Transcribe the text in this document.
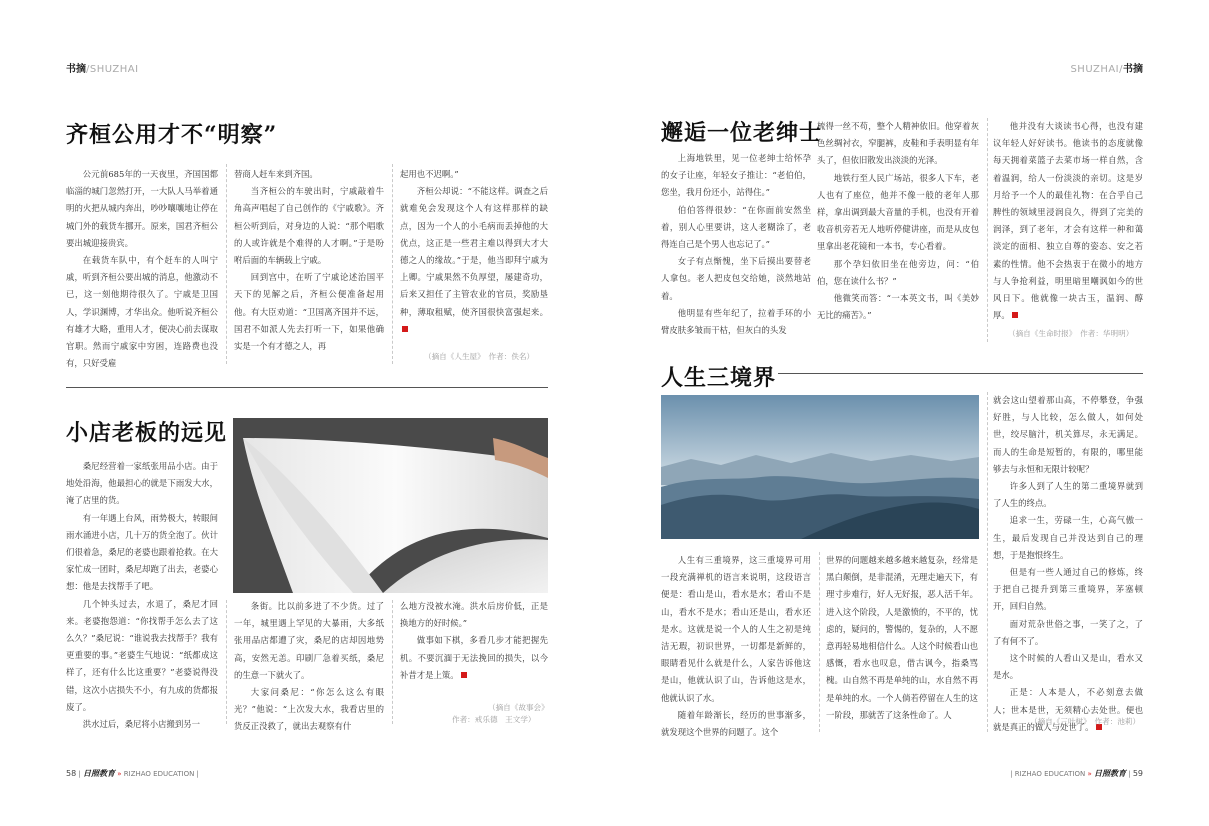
书摘/SHUZHAI	SHUZHAI/书摘
齐桓公用才不“明察”

公元前685年的一天夜里，齐国国都临淄的城门忽然打开，一大队人马举着通明的火把从城内奔出，吵吵嚷嚷地让停在城门外的载货车挪开。原来，国君齐桓公要出城迎接贵宾。

在载货车队中，有个赶车的人叫宁戚，听到齐桓公要出城的消息，他激动不已，这一刻他期待很久了。宁戚是卫国人，学识渊博，才华出众。他听说齐桓公有雄才大略，重用人才，便决心前去谋取官职。然而宁戚家中穷困，连路费也没有，只好受雇

替商人赶车来到齐国。

当齐桓公的车驶出时，宁戚敲着牛角高声唱起了自己创作的《宁戚歌》。齐桓公听到后，对身边的人说：“那个唱歌的人或许就是个难得的人才啊。”于是吩咐后面的车辆载上宁戚。

回到宫中，在听了宁戚论述治国平天下的见解之后，齐桓公便准备起用他。有大臣劝道：“卫国离齐国并不远，国君不如派人先去打听一下，如果他确实是一个有才德之人，再

起用也不迟啊。”

齐桓公却说：“不能这样。调查之后就难免会发现这个人有这样那样的缺点，因为一个人的小毛病而丢掉他的大优点，这正是一些君主难以得到大才大德之人的缘故。”于是，他当即拜宁戚为上卿。宁戚果然不负厚望，屡建奇功，后来又担任了主管农业的官员，奖励垦种，薄取租赋，使齐国很快富强起来。

（摘自《人生屋》　作者：佚名）
小店老板的远见

桑尼经营着一家纸张用品小店。由于地处沿海，他最担心的就是下雨发大水，淹了店里的货。

有一年遇上台风，雨势极大，转眼间雨水涌进小店，几十万的货全泡了。伙计们很着急，桑尼的老婆也跟着抢救。在大家忙成一团时，桑尼却跑了出去，老婆心想：他是去找帮手了吧。

几个钟头过去，水退了，桑尼才回来。老婆抱怨道：“你找帮手怎么去了这么久？”桑尼说：“谁说我去找帮手？我有更重要的事。”老婆生气地说：“纸都成这样了，还有什么比这重要？”老婆说得没错，这次小店损失不小，有九成的货都报废了。

洪水过后，桑尼将小店搬到另一

条街。比以前多进了不少货。过了一年，城里遇上罕见的大暴雨，大多纸张用品店都遭了灾，桑尼的店却因地势高，安然无恙。印刷厂急着买纸，桑尼的生意一下就火了。

大家问桑尼：“你怎么这么有眼光？”他说：“上次发大水，我看店里的货反正没救了，就出去观察有什

么地方没被水淹。洪水后房价低，正是换地方的好时候。”

做事如下棋，多看几步才能把握先机。不要沉湎于无法挽回的损失，以今补昔才是上策。

（摘自《故事会》
作者：戒乐德　王文学）
邂逅一位老绅士

上海地铁里，见一位老绅士给怀孕的女子让座，年轻女子推让：“老伯伯，您坐，我月份还小，站得住。”

伯伯答得很妙：“在你面前安然坐着，别人心里要讲，这人老糊涂了，老得连自己是个男人也忘记了。”

女子有点惭愧，坐下后摸出要替老人拿包。老人把皮包交给她，淡然地站着。

他明显有些年纪了，拉着手环的小臂皮肤多皱而干枯，但灰白的头发

梳得一丝不苟，整个人精神依旧。他穿着灰色丝绸衬衣，窄腿裤，皮鞋和手表明显有年头了，但依旧散发出淡淡的光泽。

地铁行至人民广场站，很多人下车，老人也有了座位，他并不像一般的老年人那样，拿出调到最大音量的手机，也没有开着收音机旁若无人地听停健讲座，而是从皮包里拿出老花镜和一本书，专心看着。

那个孕妇依旧坐在他旁边，问：“伯伯，您在读什么书？”

他微笑而答：“一本英文书，叫《美妙无比的痛苦》。”

他并没有大谈读书心得，也没有建议年轻人好好读书。他读书的态度就像每天拥着菜篮子去菜市场一样自然，含着温润，给人一份淡淡的亲切。这是岁月给予一个人的最佳礼物：在合乎自己脾性的领域里浸润良久，得到了完美的润泽，到了老年，才会有这样一种和蔼淡定的面相、独立自尊的姿态、安之若素的性情。他不会热衷于在微小的地方与人争抢利益，明里暗里嘲讽如今的世风日下。他就像一块古玉，温润、醇厚。

（摘自《生命时报》　作者：华明明）
人生三境界

人生有三重境界，这三重境界可用一段充满禅机的语言来说明，这段语言便是：看山是山，看水是水；看山不是山，看水不是水；看山还是山，看水还是水。这就是说一个人的人生之初是纯洁无瑕，初识世界，一切都是新鲜的，眼睛看见什么就是什么，人家告诉他这是山，他就认识了山，告诉他这是水，他就认识了水。

随着年龄渐长，经历的世事渐多，就发现这个世界的问题了。这个

世界的问题越来越多越来越复杂，经常是黑白颠倒，是非混淆，无理走遍天下，有理寸步难行，好人无好报，恶人活千年。进入这个阶段，人是激愤的，不平的，忧虑的，疑问的，警惕的，复杂的，人不愿意再轻易地相信什么。人这个时候看山也感慨，看水也叹息，借古讽今，指桑骂槐。山自然不再是单纯的山，水自然不再是单纯的水。一个人倘若停留在人生的这一阶段，那就苦了这条性命了。人

就会这山望着那山高，不停攀登，争强好胜，与人比较，怎么做人，如何处世，绞尽脑汁，机关算尽，永无满足。而人的生命是短暂的，有限的，哪里能够去与永恒和无限计较呢？

许多人到了人生的第二重境界就到了人生的终点。

追求一生，劳碌一生，心高气傲一生，最后发现自己并没达到自己的理想，于是抱恨终生。

但是有一些人通过自己的修炼，终于把自己提升到第三重境界，茅塞顿开，回归自然。

面对荒杂世俗之事，一笑了之，了了有何不了。

这个时候的人看山又是山，看水又是水。

正是：人本是人，不必刻意去做人；世本是世，无须精心去处世。便也就是真正的做人与处世了。

（摘自《三叶树》　作者：池莉）
58 | 日照教育 » RIZHAO EDUCATION |	| RIZHAO EDUCATION » 日照教育 | 59
